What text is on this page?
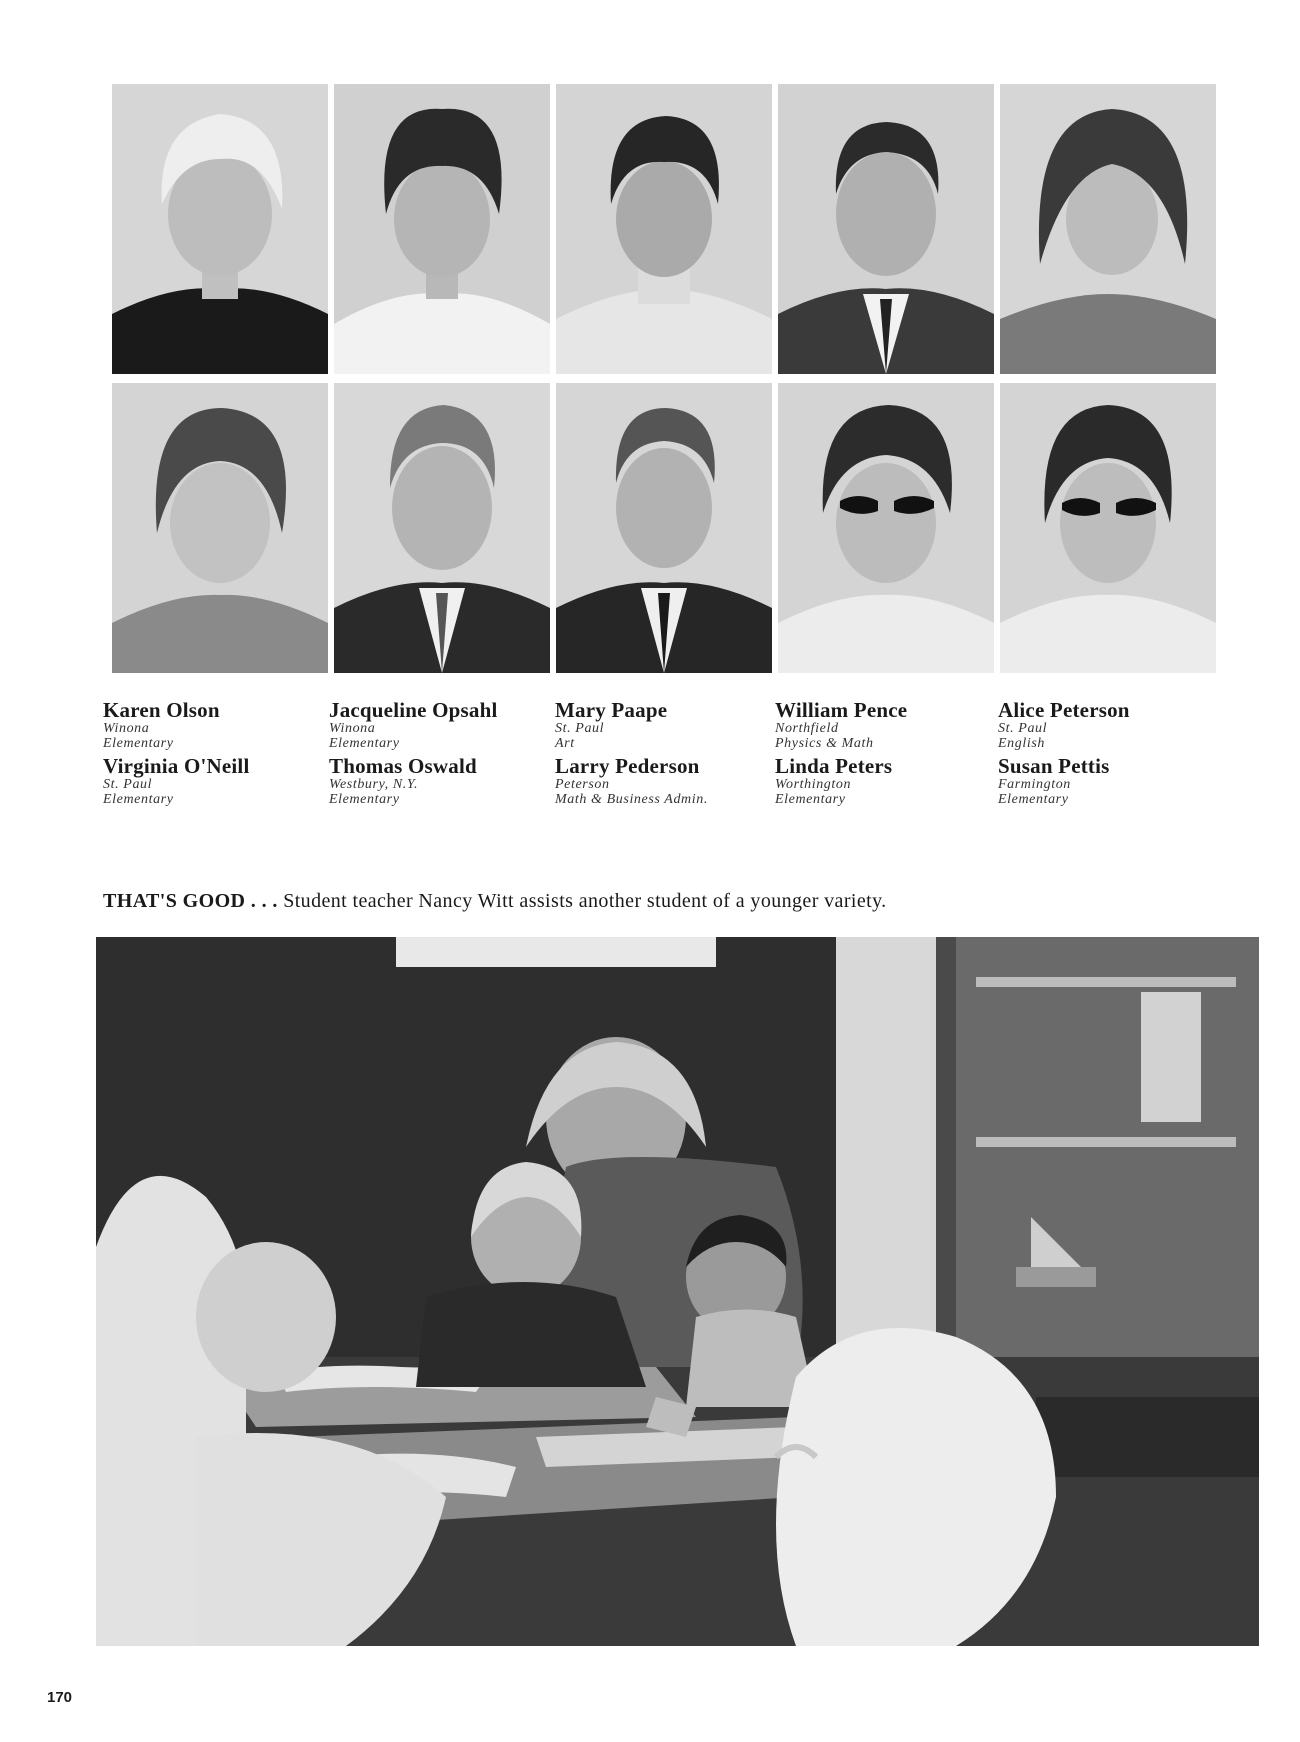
Karen Olson
Winona
Elementary
Virginia O'Neill
St. Paul
Elementary
Jacqueline Opsahl
Winona
Elementary
Thomas Oswald
Westbury, N.Y.
Elementary
Mary Paape
St. Paul
Art
Larry Pederson
Peterson
Math & Business Admin.
William Pence
Northfield
Physics & Math
Linda Peters
Worthington
Elementary
Alice Peterson
St. Paul
English
Susan Pettis
Farmington
Elementary
THAT'S GOOD . . . Student teacher Nancy Witt assists another student of a younger variety.
170
